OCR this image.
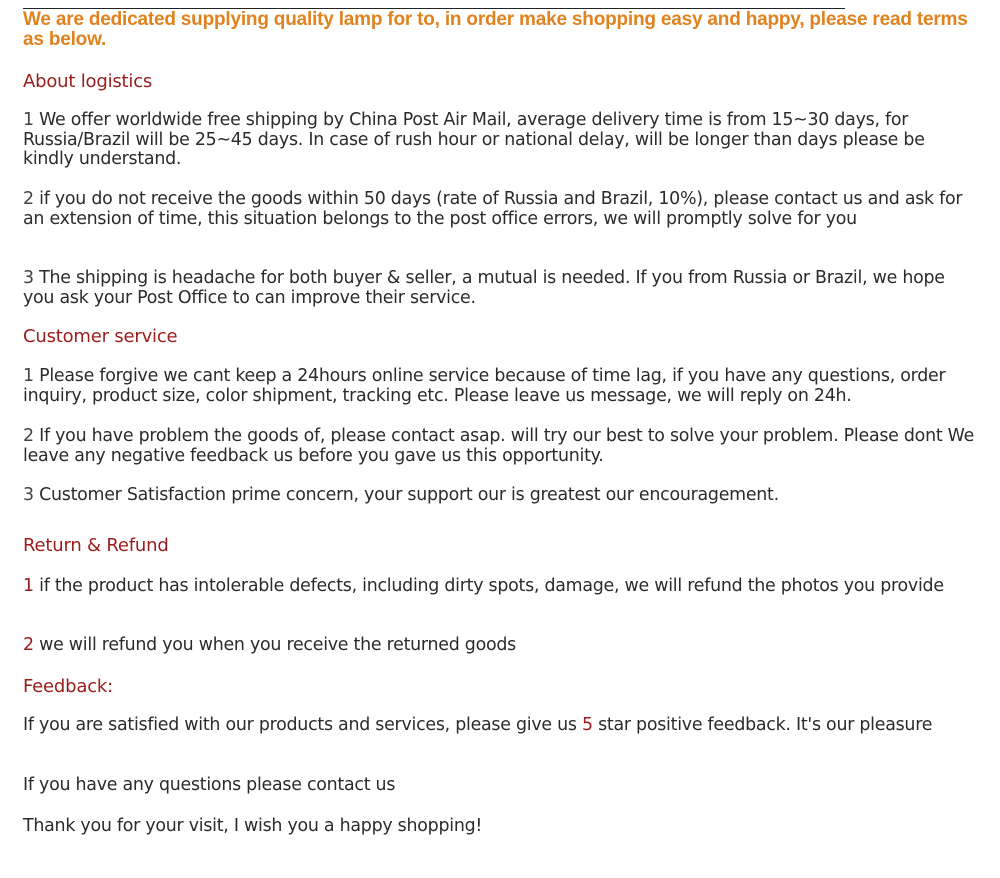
We are dedicated supplying quality lamp for to, in order make shopping easy and happy, please read terms as below.
About logistics
1 We offer worldwide free shipping by China Post Air Mail, average delivery time is from 15~30 days, for Russia/Brazil will be 25~45 days. In case of rush hour or national delay, will be longer than days please be kindly understand.
2 if you do not receive the goods within 50 days (rate of Russia and Brazil, 10%), please contact us and ask for an extension of time, this situation belongs to the post office errors, we will promptly solve for you
3 The shipping is headache for both buyer & seller, a mutual is needed. If you from Russia or Brazil, we hope you ask your Post Office to can improve their service.
Customer service
1 Please forgive we cant keep a 24hours online service because of time lag, if you have any questions, order inquiry, product size, color shipment, tracking etc. Please leave us message, we will reply on 24h.
2 If you have problem the goods of, please contact asap. will try our best to solve your problem. Please dont We leave any negative feedback us before you gave us this opportunity.
3 Customer Satisfaction prime concern, your support our is greatest our encouragement.
Return & Refund
1 if the product has intolerable defects, including dirty spots, damage, we will refund the photos you provide
2 we will refund you when you receive the returned goods
Feedback:
If you are satisfied with our products and services, please give us 5 star positive feedback. It's our pleasure
If you have any questions please contact us
Thank you for your visit, I wish you a happy shopping!
